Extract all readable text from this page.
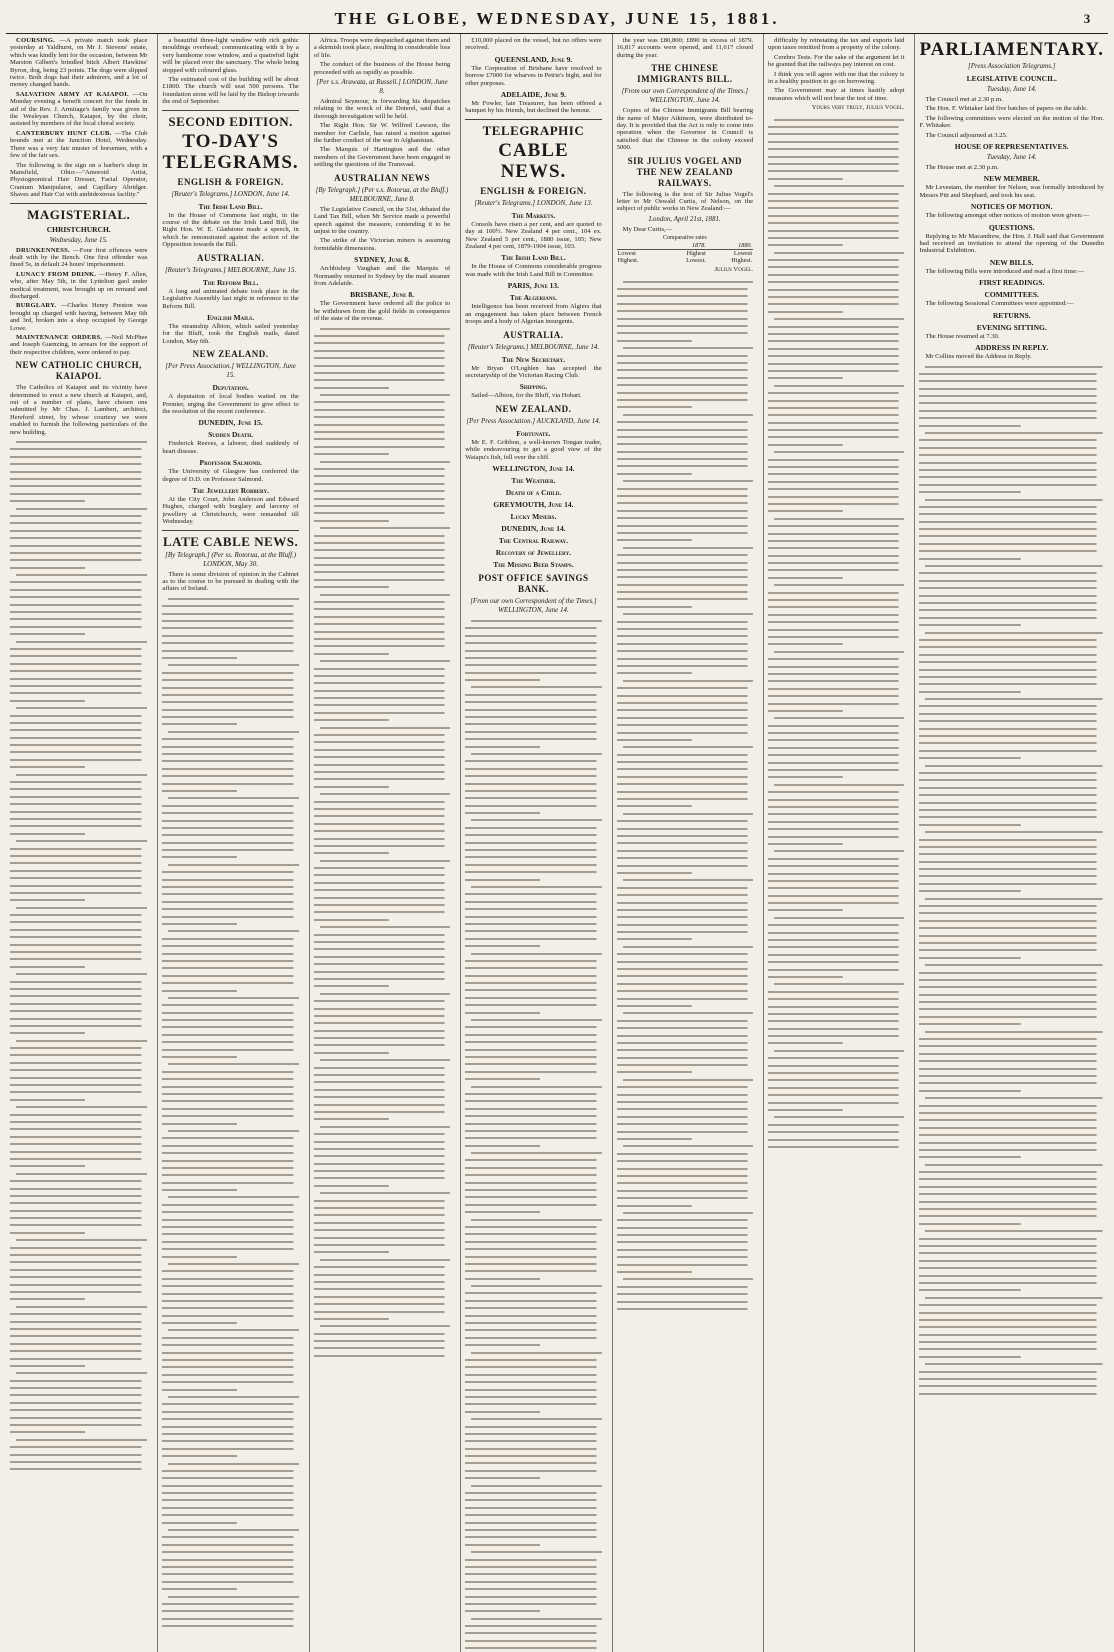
THE GLOBE, WEDNESDAY, JUNE 15, 1881.	3

COURSING. —A private match took place yesterday at Yaldhurst, on Mr J. Stevens' estate, which was kindly lent for the occasion, between Mr Marston Gilbert's brindled bitch Albert Hawkins' Byron, dog, being 23 points. The dogs were slipped twice. Both dogs had their admirers, and a lot of money changed hands.

SALVATION ARMY AT KAIAPOI. —On Monday evening a benefit concert for the funds in aid of the Rev. J. Armitage's family was given in the Wesleyan Church, Kaiapoi, by the choir, assisted by members of the local choral society.

CANTERBURY HUNT CLUB. —The Club hounds met at the Junction Hotel, Wednesday. There was a very fair muster of horsemen, with a few of the fair sex.

The following is the sign on a barber's shop in Mansfield, Ohio:—"Amoroid Artist, Physiognomical Hair Dresser, Facial Operator, Cranium Manipulator, and Capillary Abridger. Shaves and Hair Cut with ambidextrous facility."

MAGISTERIAL.
CHRISTCHURCH.
Wednesday, June 15.

DRUNKENNESS. —Four first offences were dealt with by the Bench. One first offender was fined 5s, in default 24 hours' imprisonment.

LUNACY FROM DRINK. —Henry F. Allen, who, after May 5th, in the Lyttelton gaol under medical treatment, was brought up on remand and discharged.

BURGLARY. —Charles Henry Preston was brought up charged with having, between May 6th and 3rd, broken into a shop occupied by George Lowe.

MAINTENANCE ORDERS. —Neil McPhee and Joseph Guenzing, in arrears for the support of their respective children, were ordered to pay.

NEW CATHOLIC CHURCH, KAIAPOI.

The Catholics of Kaiapoi and its vicinity have determined to erect a new church at Kaiapoi, and, out of a number of plans, have chosen one submitted by Mr Chas. J. Lambert, architect, Hereford street, by whose courtesy we were enabled to furnish the following particulars of the new building.

a beautiful three-light window with rich gothic mouldings overhead; communicating with it by a very handsome rose window, and a quatrefoil light will be placed over the sanctuary. The whole being stopped with coloured glass.

The estimated cost of the building will be about £1800. The church will seat 500 persons. The foundation stone will be laid by the Bishop towards the end of September.

SECOND EDITION.
TO-DAY'S TELEGRAMS.
ENGLISH & FOREIGN.
[Reuter's Telegrams.] LONDON, June 14.
The Irish Land Bill.

In the House of Commons last night, in the course of the debate on the Irish Land Bill, the Right Hon. W. E. Gladstone made a speech, in which he remonstrated against the action of the Opposition towards the Bill.

AUSTRALIAN.
[Reuter's Telegrams.] MELBOURNE, June 15.
The Reform Bill.

A long and animated debate took place in the Legislative Assembly last night in reference to the Reform Bill.

English Mails.

The steamship Albion, which sailed yesterday for the Bluff, took the English mails, dated London, May 6th.

NEW ZEALAND.
[Per Press Association.] WELLINGTON, June 15.
Deputation.

A deputation of local bodies waited on the Premier, urging the Government to give effect to the resolution of the recent conference.

DUNEDIN, June 15.
Sudden Death.

Frederick Reeves, a laborer, died suddenly of heart disease.

Professor Salmond.

The University of Glasgow has conferred the degree of D.D. on Professor Salmond.

The Jewellery Robbery.

At the City Court, John Anderson and Edward Hughes, charged with burglary and larceny of jewellery at Christchurch, were remanded till Wednesday.

LATE CABLE NEWS.
[By Telegraph.] (Per ss. Rotorua, at the Bluff.) LONDON, May 30.

There is some division of opinion in the Cabinet as to the course to be pursued in dealing with the affairs of Ireland.

Africa. Troops were despatched against them and a skirmish took place, resulting in considerable loss of life.

The conduct of the business of the House being proceeded with as rapidly as possible.

[Per s.s. Arawata, at Russell.] LONDON, June 8.

Admiral Seymour, in forwarding his dispatches relating to the wreck of the Doterel, said that a thorough investigation will be held.

The Right Hon. Sir W. Wilfred Lawson, the member for Carlisle, has raised a motion against the further conduct of the war in Afghanistan.

The Marquis of Hartington and the other members of the Government have been engaged in settling the questions of the Transvaal.

AUSTRALIAN NEWS
[By Telegraph.] (Per s.s. Rotorua, at the Bluff.) MELBOURNE, June 8.

The Legislative Council, on the 31st, debated the Land Tax Bill, when Mr Service made a powerful speech against the measure, contending it to be unjust to the country.

The strike of the Victorian miners is assuming formidable dimensions.

SYDNEY, June 8.

Archbishop Vaughan and the Marquis of Normanby returned to Sydney by the mail steamer from Adelaide.

BRISBANE, June 8.

The Government have ordered all the police to be withdrawn from the gold fields in consequence of the state of the revenue.

£10,000 placed on the vessel, but no offers were received.

QUEENSLAND, June 9.

The Corporation of Brisbane have resolved to borrow £7000 for wharves in Petrie's bight, and for other purposes.

ADELAIDE, June 9.

Mr Fowler, late Treasurer, has been offered a banquet by his friends, but declined the honour.

TELEGRAPHIC
CABLE NEWS.
ENGLISH & FOREIGN.
[Reuter's Telegrams.] LONDON, June 13.
The Markets.

Consols have risen a per cent, and are quoted to day at 100½. New Zealand 4 per cent., 104 ex. New Zealand 5 per cent., 1880 issue, 105; New Zealand 4 per cent, 1879-1904 issue, 103.

The Irish Land Bill.

In the House of Commons considerable progress was made with the Irish Land Bill in Committee.

PARIS, June 13.
The Algerians.

Intelligence has been received from Algiers that an engagement has taken place between French troops and a body of Algerian insurgents.

AUSTRALIA.
[Reuter's Telegrams.] MELBOURNE, June 14.
The New Secretary.

Mr Bryan O'Loghlen has accepted the secretaryship of the Victorian Racing Club.

Shipping.

Sailed—Albion, for the Bluff, via Hobart.

NEW ZEALAND.
[Per Press Association.] AUCKLAND, June 14.
Fortunate.

Mr E. F. Gribbon, a well-known Tongan trader, while endeavouring to get a good view of the Waiapu's fish, fell over the cliff.

WELLINGTON, June 14.
The Weather.
Death of a Child.
GREYMOUTH, June 14.
Lucky Miners.
DUNEDIN, June 14.
The Central Railway.
Recovery of Jewellery.
The Missing Beer Stamps.
POST OFFICE SAVINGS BANK.
[From our own Correspondent of the Times.] WELLINGTON, June 14.

the year was £80,800; £890 in excess of 1879. 16,817 accounts were opened, and 11,617 closed during the year.

THE CHINESE IMMIGRANTS BILL.
[From our own Correspondent of the Times.] WELLINGTON, June 14.

Copies of the Chinese Immigrants Bill bearing the name of Major Atkinson, were distributed to-day. It is provided that the Act is only to come into operation when the Governor in Council is satisfied that the Chinese in the colony exceed 5000.

SIR JULIUS VOGEL AND THE NEW ZEALAND RAILWAYS.

The following is the text of Sir Julius Vogel's letter to Mr Oswald Curtis, of Nelson, on the subject of public works in New Zealand:—

London, April 21st, 1881.

My Dear Curtis,—

Comparative rates
	1878.	1880.
Lowest	Highest	Lowest
Highest.	Lowest.	Highest.
Julius Vogel.

difficulty by reinstating the tax and exports laid upon taxes remitted from a property of the colony.

Cerebro Tests. For the sake of the argument let it be granted that the railways pay interest on cost.

I think you will agree with me that the colony is in a healthy position to go on borrowing.

The Government may at times hastily adopt measures which will not bear the test of time.

Yours very truly, Julius Vogel.
PARLIAMENTARY.
[Press Association Telegrams.]
LEGISLATIVE COUNCIL.
Tuesday, June 14.

The Council met at 2.30 p.m.

The Hon. F. Whitaker laid five batches of papers on the table.

The following committees were elected on the motion of the Hon. F. Whitaker.

The Council adjourned at 3.25.

HOUSE OF REPRESENTATIVES.
Tuesday, June 14.

The House met at 2.30 p.m.

NEW MEMBER.

Mr Levestam, the member for Nelson, was formally introduced by Messrs Pitt and Shephard, and took his seat.

NOTICES OF MOTION.

The following amongst other notices of motion were given:—

QUESTIONS.

Replying to Mr Macandrew, the Hon. J. Hall said that Government had received an invitation to attend the opening of the Dunedin Industrial Exhibition.

NEW BILLS.

The following Bills were introduced and read a first time:—

FIRST READINGS.
COMMITTEES.

The following Sessional Committees were appointed:—

RETURNS.
EVENING SITTING.

The House resumed at 7.30.

ADDRESS IN REPLY.

Mr Collins moved the Address in Reply.
